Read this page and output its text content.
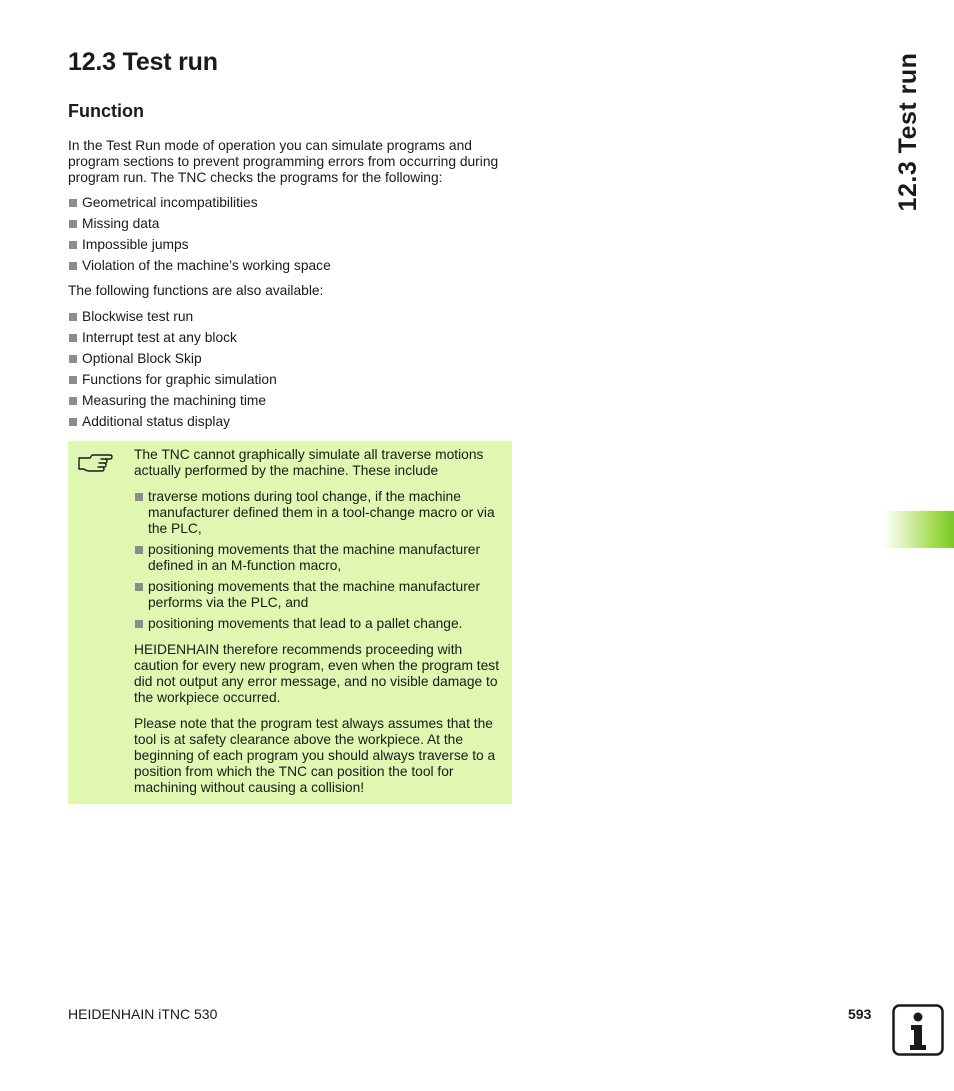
12.3 Test run
Function

In the Test Run mode of operation you can simulate programs and program sections to prevent programming errors from occurring during program run. The TNC checks the programs for the following:

Geometrical incompatibilities
Missing data
Impossible jumps
Violation of the machine’s working space

The following functions are also available:

Blockwise test run
Interrupt test at any block
Optional Block Skip
Functions for graphic simulation
Measuring the machining time
Additional status display

The TNC cannot graphically simulate all traverse motions actually performed by the machine. These include

traverse motions during tool change, if the machine manufacturer defined them in a tool-change macro or via the PLC,
positioning movements that the machine manufacturer defined in an M-function macro,
positioning movements that the machine manufacturer performs via the PLC, and
positioning movements that lead to a pallet change.

HEIDENHAIN therefore recommends proceeding with caution for every new program, even when the program test did not output any error message, and no visible damage to the workpiece occurred.

Please note that the program test always assumes that the tool is at safety clearance above the workpiece. At the beginning of each program you should always traverse to a position from which the TNC can position the tool for machining without causing a collision!

12.3 Test run
HEIDENHAIN iTNC 530	593
